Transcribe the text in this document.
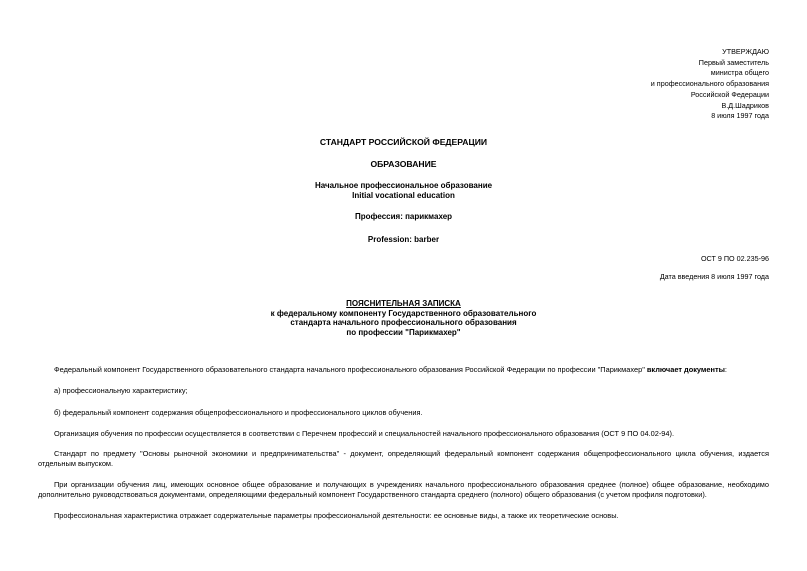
УТВЕРЖДАЮ
Первый заместитель
министра общего
и профессионального образования
Российской Федерации
В.Д.Шадриков
8 июля 1997 года
СТАНДАРТ РОССИЙСКОЙ ФЕДЕРАЦИИ
ОБРАЗОВАНИЕ
Начальное профессиональное образование
Initial vocational education
Профессия: парикмахер
Profession: barber
ОСТ 9 ПО 02.235-96
Дата введения 8 июля 1997 года
ПОЯСНИТЕЛЬНАЯ ЗАПИСКА
к федеральному компоненту Государственного образовательного
стандарта начального профессионального образования
по профессии "Парикмахер"
Федеральный компонент Государственного образовательного стандарта начального профессионального образования Российской Федерации по профессии "Парикмахер" включает документы:
а) профессиональную характеристику;
б) федеральный компонент содержания общепрофессионального и профессионального циклов обучения.
Организация обучения по профессии осуществляется в соответствии с Перечнем профессий и специальностей начального профессионального образования (ОСТ 9 ПО 04.02-94).
Стандарт по предмету "Основы рыночной экономики и предпринимательства" - документ, определяющий федеральный компонент содержания общепрофессионального цикла обучения, издается отдельным выпуском.
При организации обучения лиц, имеющих основное общее образование и получающих в учреждениях начального профессионального образования среднее (полное) общее образование, необходимо дополнительно руководствоваться документами, определяющими федеральный компонент Государственного стандарта среднего (полного) общего образования (с учетом профиля подготовки).
Профессиональная характеристика отражает содержательные параметры профессиональной деятельности: ее основные виды, а также их теоретические основы.
